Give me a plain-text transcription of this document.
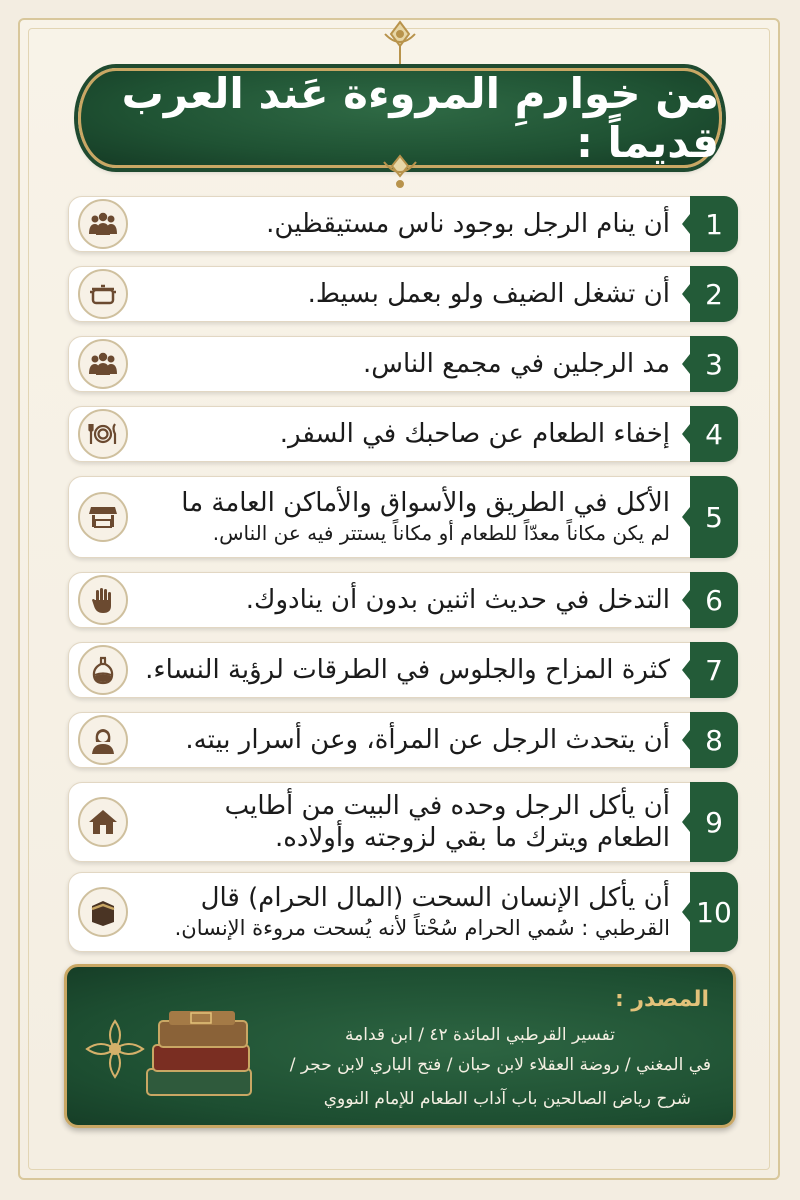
من خوارمِ المروءة عَند العرب قديماً :
1
أن ينام الرجل بوجود ناس مستيقظين.
2
أن تشغل الضيف ولو بعمل بسيط.
3
مد الرجلين في مجمع الناس.
4
إخفاء الطعام عن صاحبك في السفر.
5
الأكل في الطريق والأسواق والأماكن العامة ما
لم يكن مكاناً معدّاً للطعام أو مكاناً يستتر فيه عن الناس.
6
التدخل في حديث اثنين بدون أن ينادوك.
7
كثرة المزاح والجلوس في الطرقات لرؤية النساء.
8
أن يتحدث الرجل عن المرأة، وعن أسرار بيته.
9
أن يأكل الرجل وحده في البيت من أطايب
الطعام ويترك ما بقي لزوجته وأولاده.
10
أن يأكل الإنسان السحت (المال الحرام) قال
القرطبي : سُمي الحرام سُحْتاً لأنه يُسحت مروءة الإنسان.
المصدر :
تفسير القرطبي المائدة ٤٢ / ابن قدامة
في المغني / روضة العقلاء لابن حبان / فتح الباري لابن حجر /
شرح رياض الصالحين باب آداب الطعام للإمام النووي
